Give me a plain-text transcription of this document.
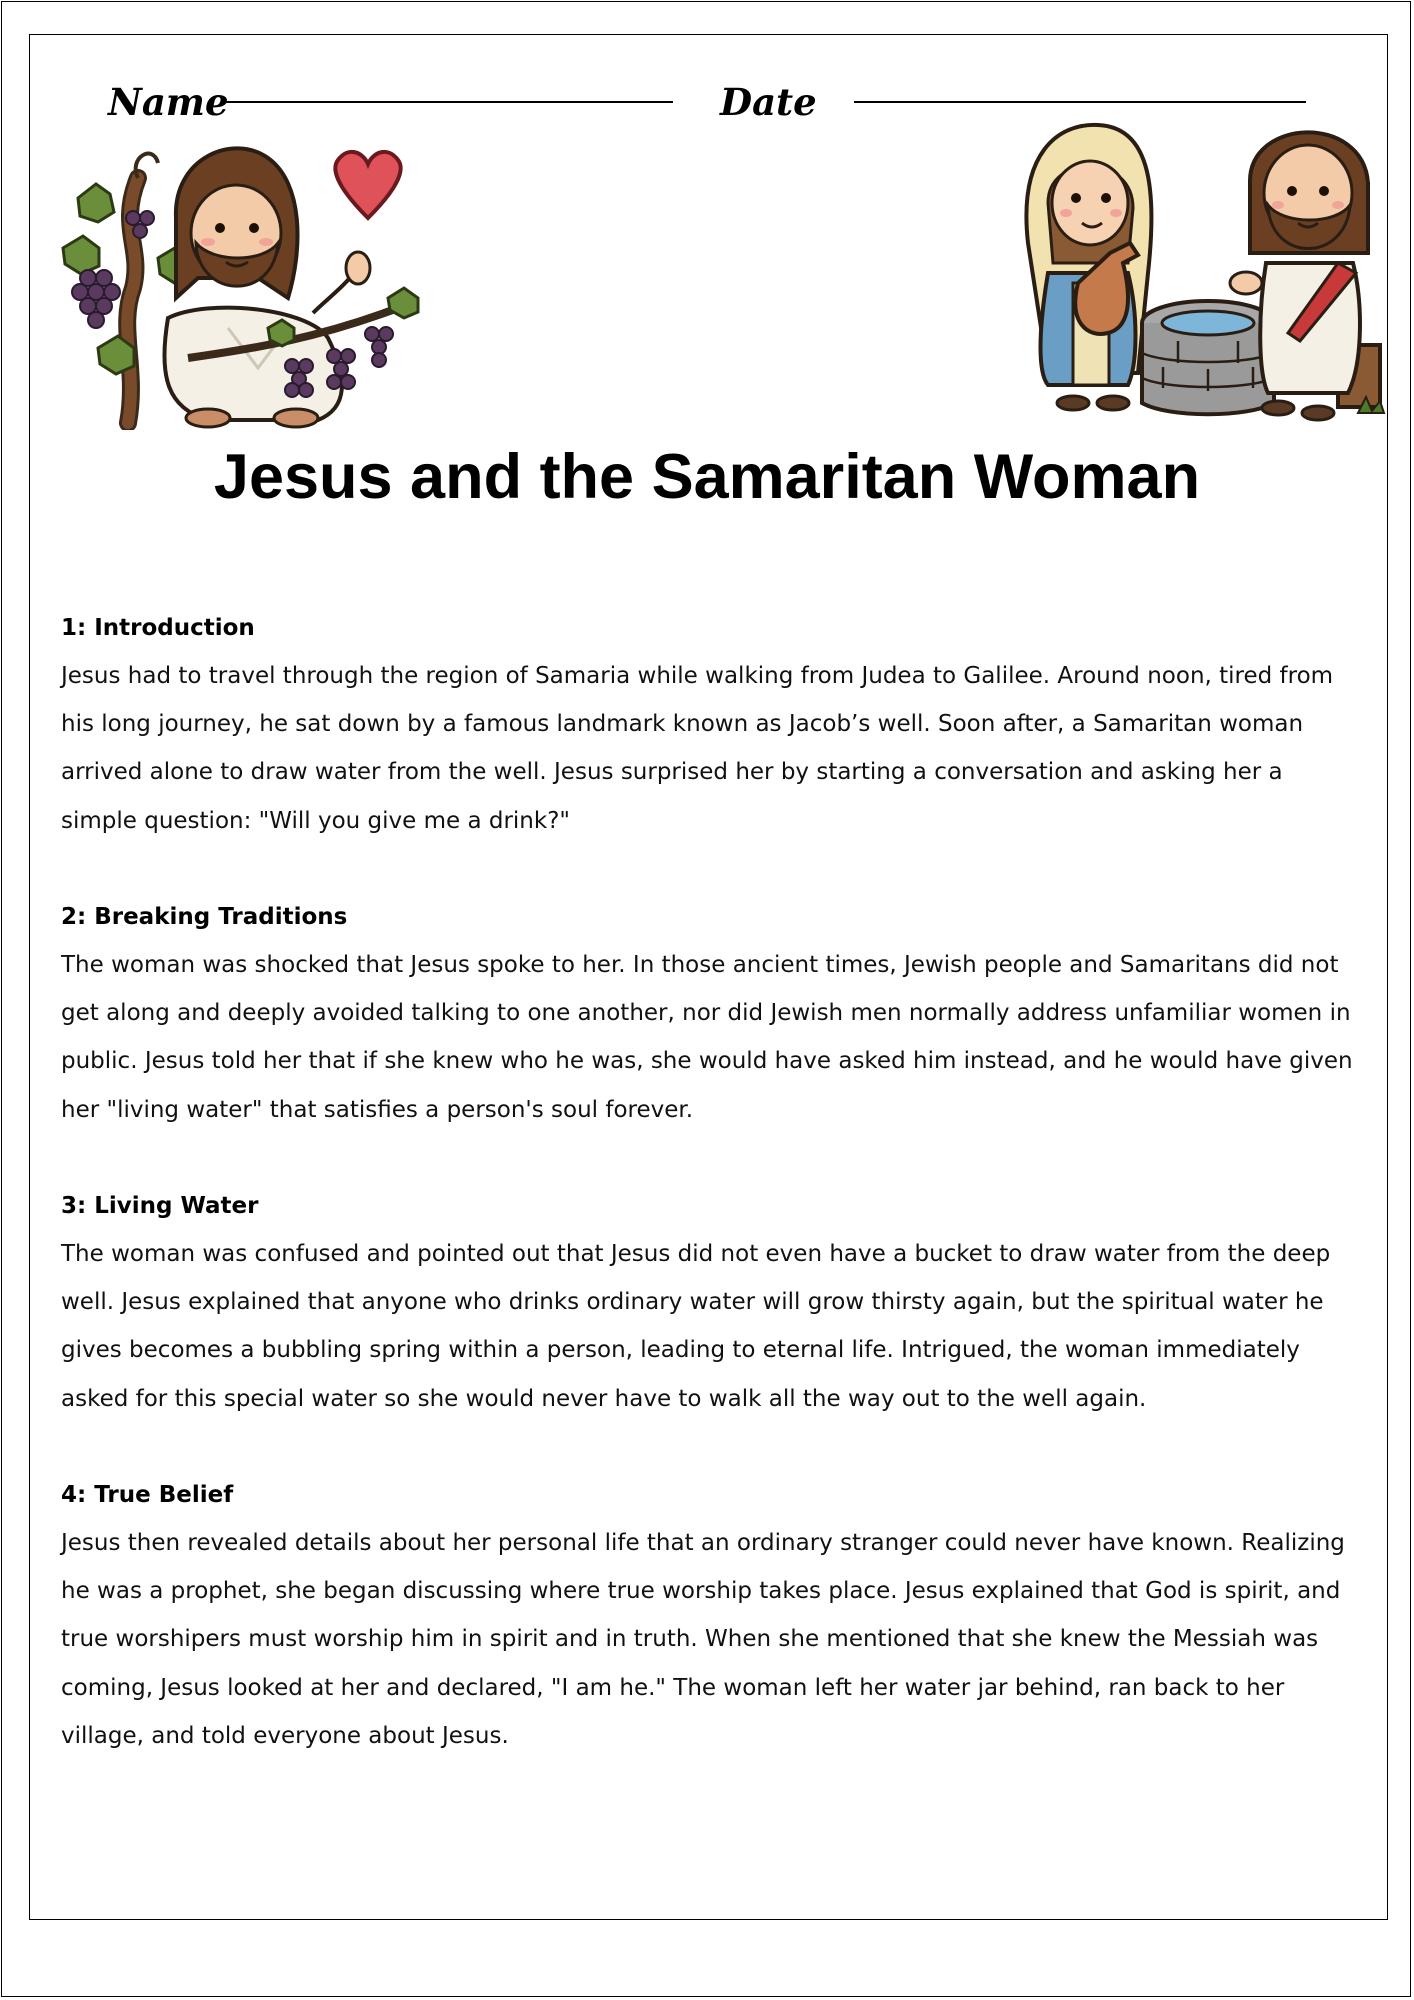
Name	Date
Jesus and the Samaritan Woman
1: Introduction

Jesus had to travel through the region of Samaria while walking from Judea to Galilee. Around noon, tired from his long journey, he sat down by a famous landmark known as Jacob’s well. Soon after, a Samaritan woman arrived alone to draw water from the well. Jesus surprised her by starting a conversation and asking her a simple question: "Will you give me a drink?"

2: Breaking Traditions

The woman was shocked that Jesus spoke to her. In those ancient times, Jewish people and Samaritans did not get along and deeply avoided talking to one another, nor did Jewish men normally address unfamiliar women in public. Jesus told her that if she knew who he was, she would have asked him instead, and he would have given her "living water" that satisfies a person's soul forever.

3: Living Water

The woman was confused and pointed out that Jesus did not even have a bucket to draw water from the deep well. Jesus explained that anyone who drinks ordinary water will grow thirsty again, but the spiritual water he gives becomes a bubbling spring within a person, leading to eternal life. Intrigued, the woman immediately asked for this special water so she would never have to walk all the way out to the well again.

4: True Belief

Jesus then revealed details about her personal life that an ordinary stranger could never have known. Realizing he was a prophet, she began discussing where true worship takes place. Jesus explained that God is spirit, and true worshipers must worship him in spirit and in truth. When she mentioned that she knew the Messiah was coming, Jesus looked at her and declared, "I am he." The woman left her water jar behind, ran back to her village, and told everyone about Jesus.
